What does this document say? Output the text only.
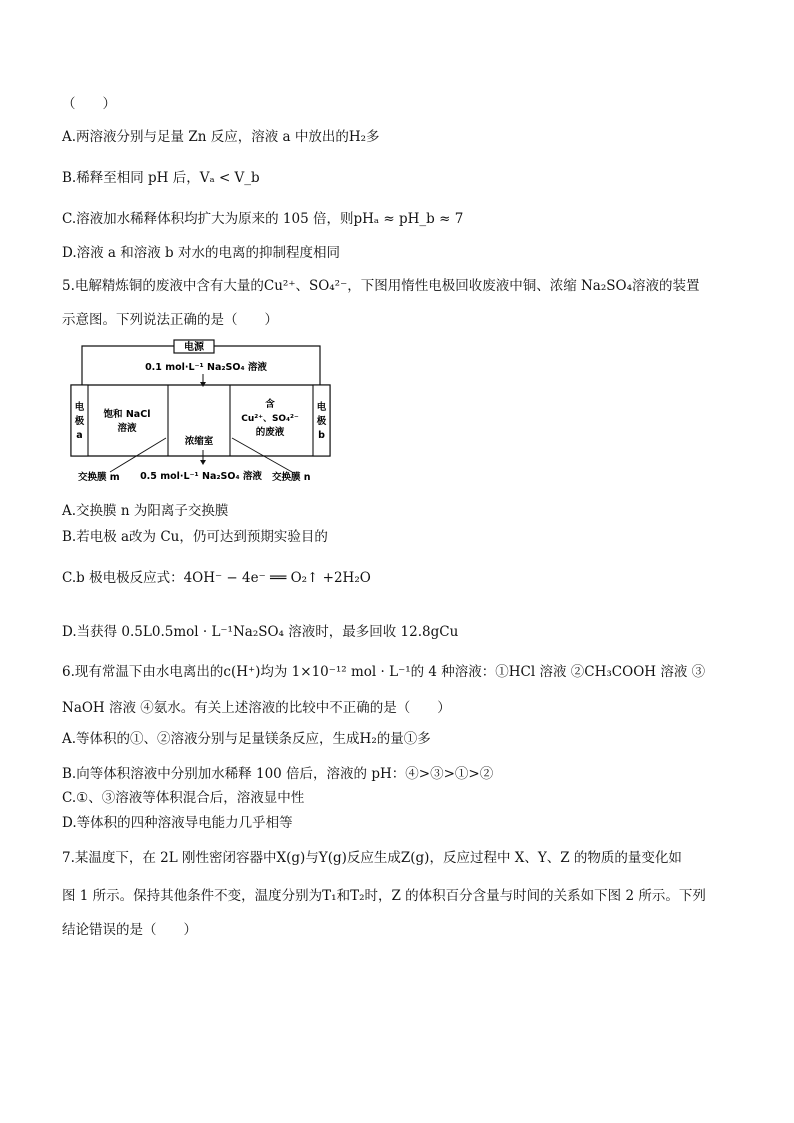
（　　）
A.两溶液分别与足量 Zn 反应，溶液 a 中放出的H₂多
B.稀释至相同 pH 后，Vₐ < V_b
C.溶液加水稀释体积均扩大为原来的 105 倍，则pHₐ ≈ pH_b ≈ 7
D.溶液 a 和溶液 b 对水的电离的抑制程度相同
5.电解精炼铜的废液中含有大量的Cu²⁺、SO₄²⁻，下图用惰性电极回收废液中铜、浓缩 Na₂SO₄溶液的装置
示意图。下列说法正确的是（　　）
电源
0.1 mol·L⁻¹ Na₂SO₄ 溶液
电
极
a
电
极
b
饱和 NaCl
溶液
含
Cu²⁺、SO₄²⁻
的废液
浓缩室
交换膜 m 0.5 mol·L⁻¹ Na₂SO₄ 溶液 交换膜 n
A.交换膜 n 为阳离子交换膜
B.若电极 a改为 Cu，仍可达到预期实验目的
C.b 极电极反应式：4OH⁻ − 4e⁻ ══ O₂↑ +2H₂O
D.当获得 0.5L0.5mol · L⁻¹Na₂SO₄ 溶液时，最多回收 12.8gCu
6.现有常温下由水电离出的c(H⁺)均为 1×10⁻¹² mol · L⁻¹的 4 种溶液：①HCl 溶液 ②CH₃COOH 溶液 ③
NaOH 溶液 ④氨水。有关上述溶液的比较中不正确的是（　　）
A.等体积的①、②溶液分别与足量镁条反应，生成H₂的量①多
B.向等体积溶液中分别加水稀释 100 倍后，溶液的 pH：④>③>①>②
C.①、③溶液等体积混合后，溶液显中性
D.等体积的四种溶液导电能力几乎相等
7.某温度下，在 2L 刚性密闭容器中X(g)与Y(g)反应生成Z(g)，反应过程中 X、Y、Z 的物质的量变化如
图 1 所示。保持其他条件不变，温度分别为T₁和T₂时，Z 的体积百分含量与时间的关系如下图 2 所示。下列
结论错误的是（　　）
